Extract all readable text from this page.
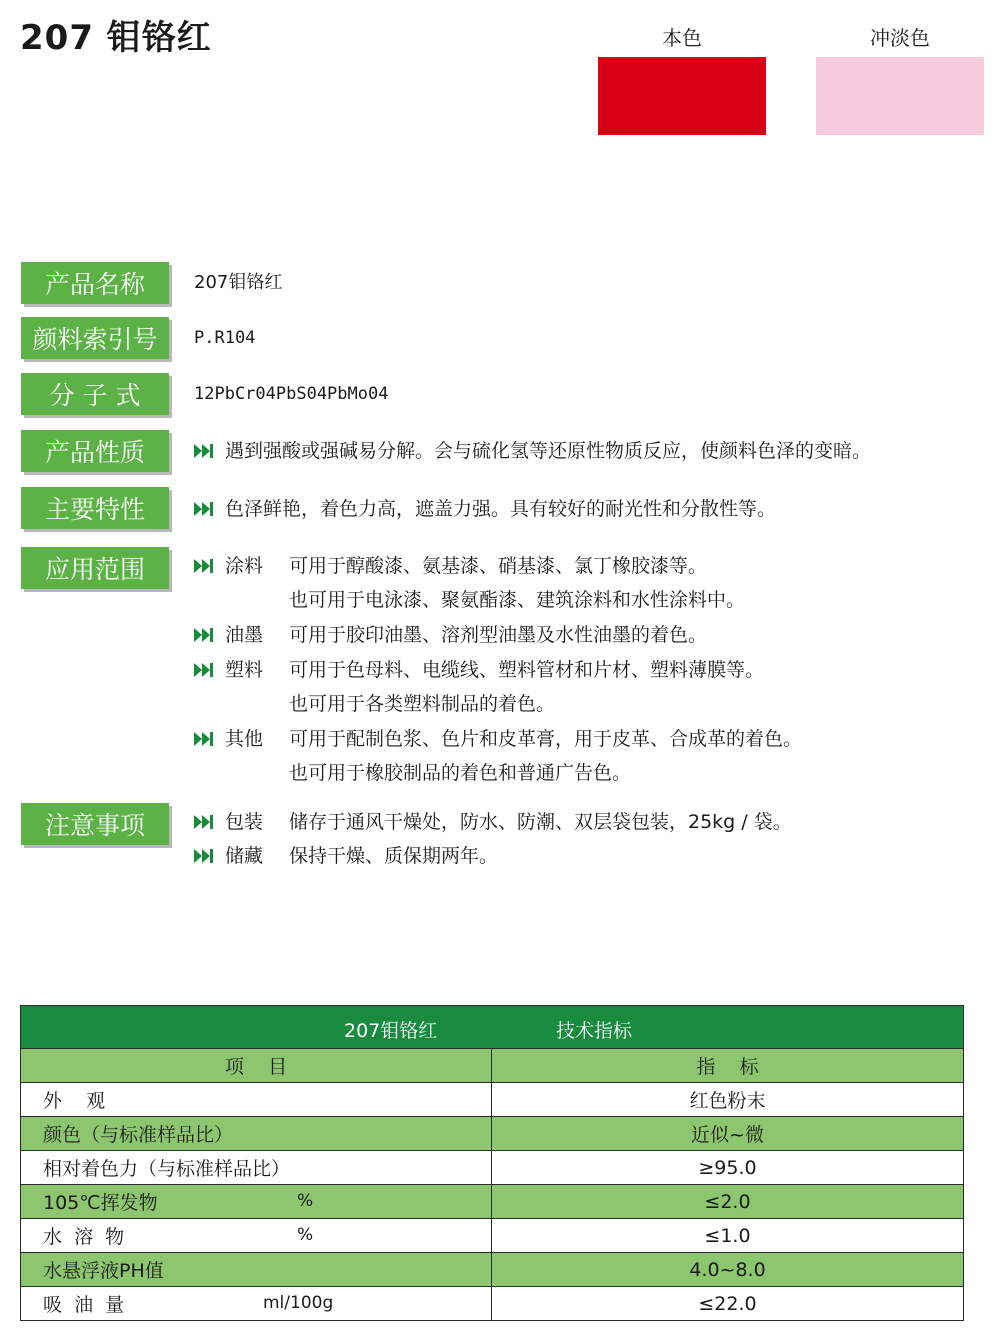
207 钼铬红	本色	冲淡色
产品名称	207钼铬红
颜料索引号	P.R104
分 子 式	12PbCr04PbS04PbMo04
产品性质	遇到强酸或强碱易分解。会与硫化氢等还原性物质反应，使颜料色泽的变暗。
主要特性	色泽鲜艳，着色力高，遮盖力强。具有较好的耐光性和分散性等。
应用范围	涂料 可用于醇酸漆、氨基漆、硝基漆、氯丁橡胶漆等。
也可用于电泳漆、聚氨酯漆、建筑涂料和水性涂料中。
油墨 可用于胶印油墨、溶剂型油墨及水性油墨的着色。
塑料 可用于色母料、电缆线、塑料管材和片材、塑料薄膜等。
也可用于各类塑料制品的着色。
其他 可用于配制色浆、色片和皮革膏，用于皮革、合成革的着色。
也可用于橡胶制品的着色和普通广告色。
注意事项	包装 储存于通风干燥处，防水、防潮、双层袋包装，25kg / 袋。
储藏 保持干燥、质保期两年。
207钼铬红	技术指标
项    目	指    标
外    观	红色粉末
颜色（与标准样品比）	近似~微
相对着色力（与标准样品比）	≥95.0
105℃挥发物	%	≤2.0
水  溶  物	%	≤1.0
水悬浮液PH值	4.0~8.0
吸  油  量	ml/100g	≤22.0
